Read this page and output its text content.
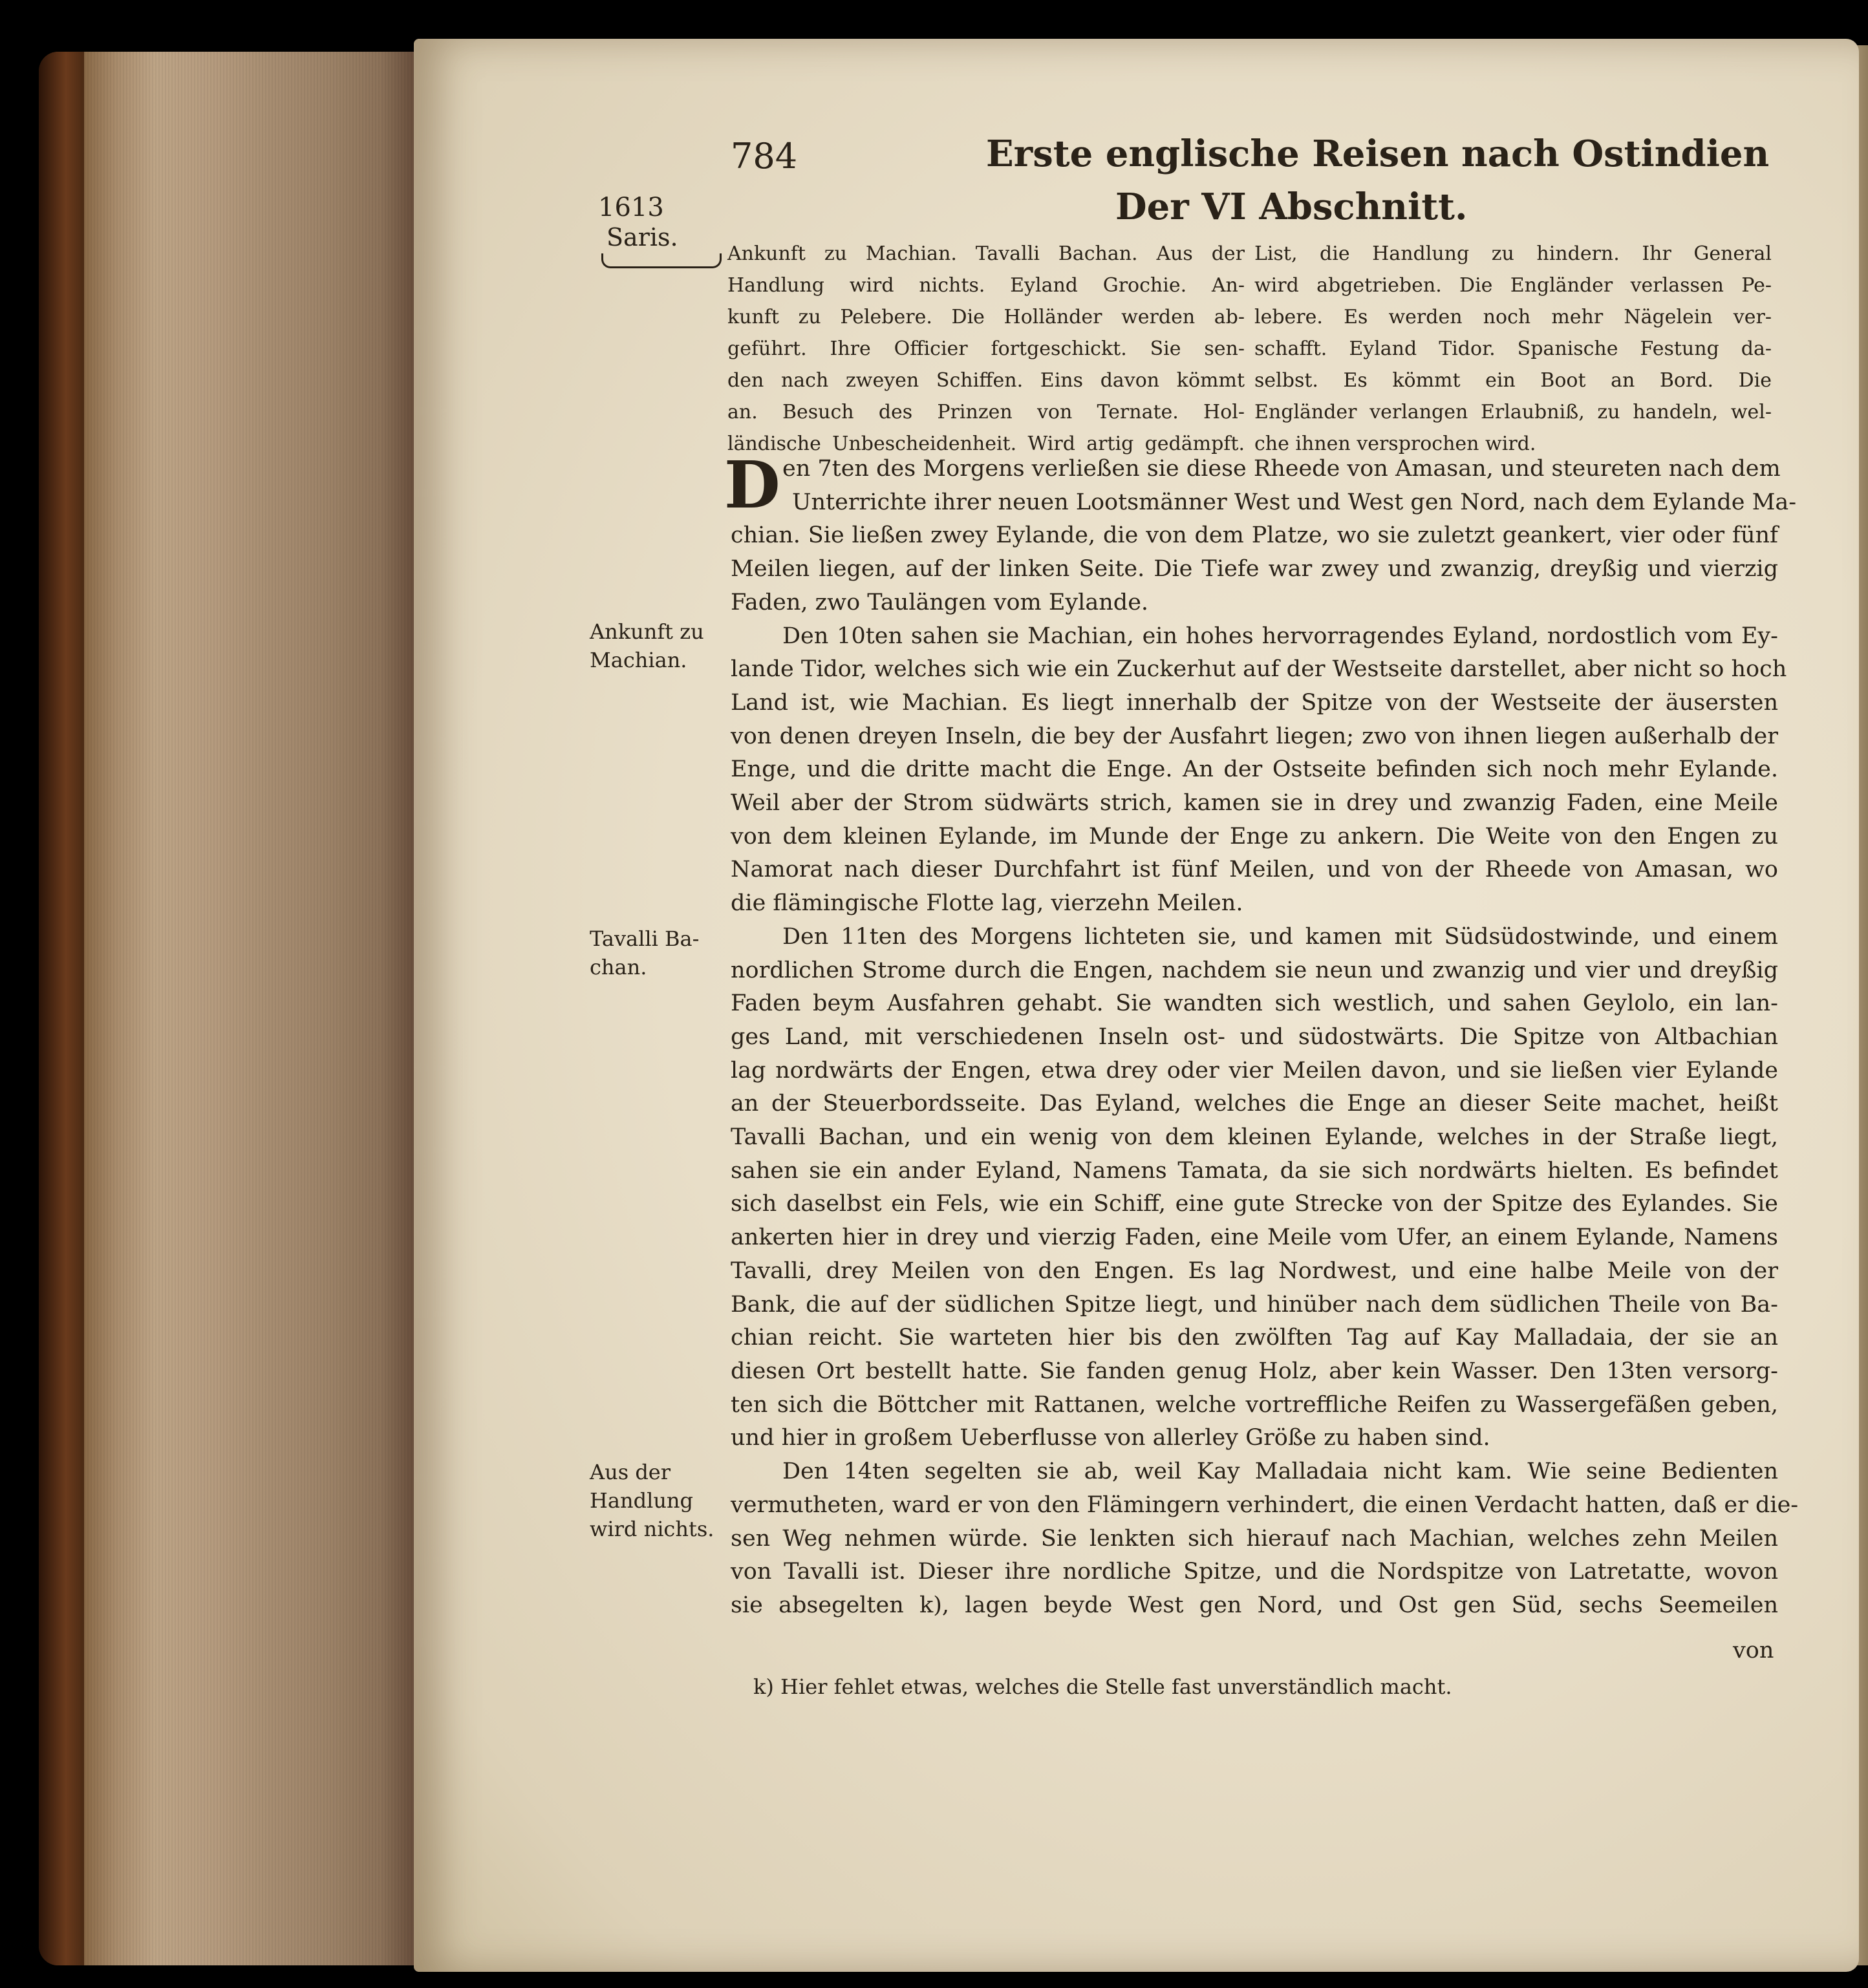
784	Erste englische Reisen nach Ostindien
Der VI Abschnitt.
1613
Saris.
Ankunft zu Machian. Tavalli Bachan. Aus der
Handlung wird nichts. Eyland Grochie. An-
kunft zu Pelebere. Die Holländer werden ab-
geführt. Ihre Officier fortgeschickt. Sie sen-
den nach zweyen Schiffen. Eins davon kömmt
an. Besuch des Prinzen von Ternate. Hol-
ländische Unbescheidenheit. Wird artig gedämpft.
List, die Handlung zu hindern. Ihr General
wird abgetrieben. Die Engländer verlassen Pe-
lebere. Es werden noch mehr Nägelein ver-
schafft. Eyland Tidor. Spanische Festung da-
selbst. Es kömmt ein Boot an Bord. Die
Engländer verlangen Erlaubniß, zu handeln, wel-
che ihnen versprochen wird.
D en 7ten des Morgens verließen sie diese Rheede von Amasan, und steureten nach dem
Unterrichte ihrer neuen Lootsmänner West und West gen Nord, nach dem Eylande Ma-
chian. Sie ließen zwey Eylande, die von dem Platze, wo sie zuletzt geankert, vier oder fünf
Meilen liegen, auf der linken Seite. Die Tiefe war zwey und zwanzig, dreyßig und vierzig
Faden, zwo Taulängen vom Eylande.
Den 10ten sahen sie Machian, ein hohes hervorragendes Eyland, nordostlich vom Ey-
lande Tidor, welches sich wie ein Zuckerhut auf der Westseite darstellet, aber nicht so hoch
Land ist, wie Machian. Es liegt innerhalb der Spitze von der Westseite der äusersten
von denen dreyen Inseln, die bey der Ausfahrt liegen; zwo von ihnen liegen außerhalb der
Enge, und die dritte macht die Enge. An der Ostseite befinden sich noch mehr Eylande.
Weil aber der Strom südwärts strich, kamen sie in drey und zwanzig Faden, eine Meile
von dem kleinen Eylande, im Munde der Enge zu ankern. Die Weite von den Engen zu
Namorat nach dieser Durchfahrt ist fünf Meilen, und von der Rheede von Amasan, wo
die flämingische Flotte lag, vierzehn Meilen.
Den 11ten des Morgens lichteten sie, und kamen mit Südsüdostwinde, und einem
nordlichen Strome durch die Engen, nachdem sie neun und zwanzig und vier und dreyßig
Faden beym Ausfahren gehabt. Sie wandten sich westlich, und sahen Geylolo, ein lan-
ges Land, mit verschiedenen Inseln ost- und südostwärts. Die Spitze von Altbachian
lag nordwärts der Engen, etwa drey oder vier Meilen davon, und sie ließen vier Eylande
an der Steuerbordsseite. Das Eyland, welches die Enge an dieser Seite machet, heißt
Tavalli Bachan, und ein wenig von dem kleinen Eylande, welches in der Straße liegt,
sahen sie ein ander Eyland, Namens Tamata, da sie sich nordwärts hielten. Es befindet
sich daselbst ein Fels, wie ein Schiff, eine gute Strecke von der Spitze des Eylandes. Sie
ankerten hier in drey und vierzig Faden, eine Meile vom Ufer, an einem Eylande, Namens
Tavalli, drey Meilen von den Engen. Es lag Nordwest, und eine halbe Meile von der
Bank, die auf der südlichen Spitze liegt, und hinüber nach dem südlichen Theile von Ba-
chian reicht. Sie warteten hier bis den zwölften Tag auf Kay Malladaia, der sie an
diesen Ort bestellt hatte. Sie fanden genug Holz, aber kein Wasser. Den 13ten versorg-
ten sich die Böttcher mit Rattanen, welche vortreffliche Reifen zu Wassergefäßen geben,
und hier in großem Ueberflusse von allerley Größe zu haben sind.
Den 14ten segelten sie ab, weil Kay Malladaia nicht kam. Wie seine Bedienten
vermutheten, ward er von den Flämingern verhindert, die einen Verdacht hatten, daß er die-
sen Weg nehmen würde. Sie lenkten sich hierauf nach Machian, welches zehn Meilen
von Tavalli ist. Dieser ihre nordliche Spitze, und die Nordspitze von Latretatte, wovon
sie absegelten k), lagen beyde West gen Nord, und Ost gen Süd, sechs Seemeilen
von
Ankunft zu
Machian.
Tavalli Ba-
chan.
Aus der
Handlung
wird nichts.
k) Hier fehlet etwas, welches die Stelle fast unverständlich macht.
